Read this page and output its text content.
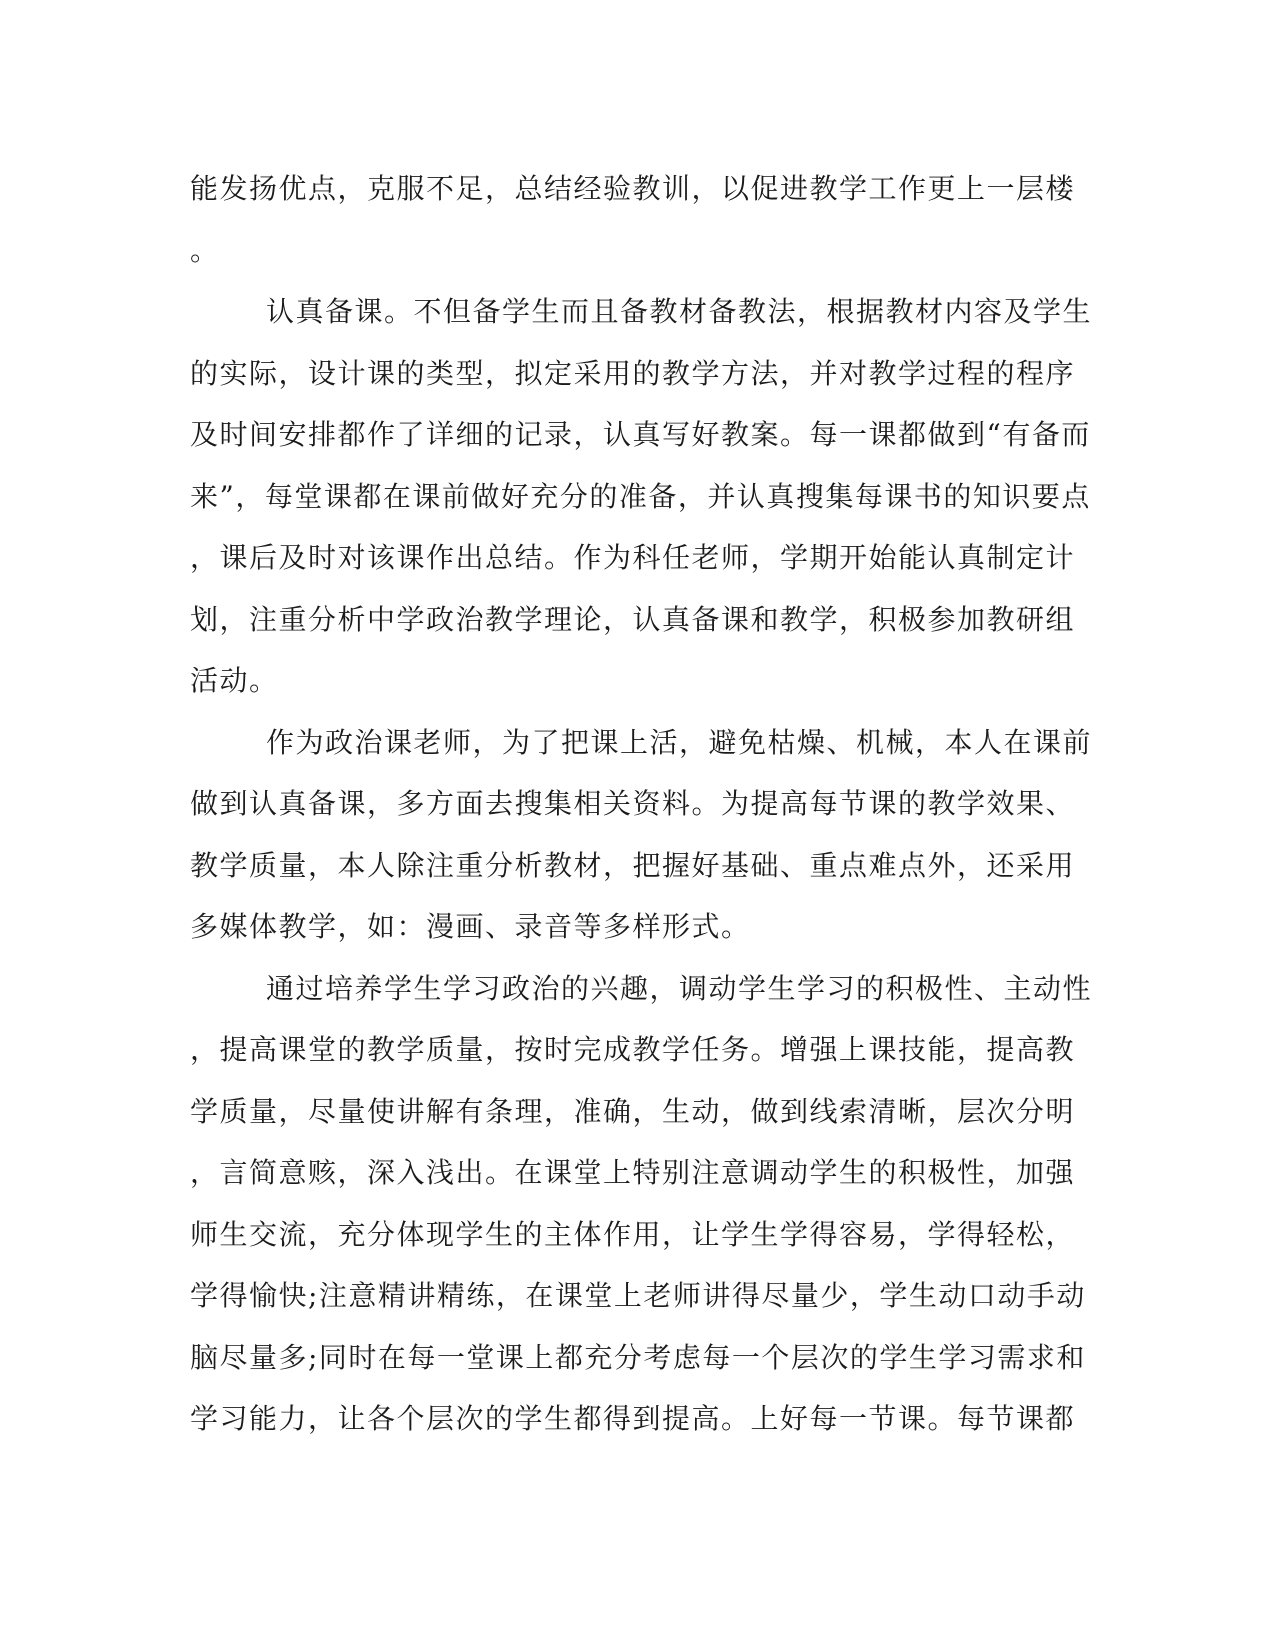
能发扬优点，克服不足，总结经验教训，以促进教学工作更上一层楼
。
认真备课。不但备学生而且备教材备教法，根据教材内容及学生
的实际，设计课的类型，拟定采用的教学方法，并对教学过程的程序
及时间安排都作了详细的记录，认真写好教案。每一课都做到“有备而
来”，每堂课都在课前做好充分的准备，并认真搜集每课书的知识要点
，课后及时对该课作出总结。作为科任老师，学期开始能认真制定计
划，注重分析中学政治教学理论，认真备课和教学，积极参加教研组
活动。
作为政治课老师，为了把课上活，避免枯燥、机械，本人在课前
做到认真备课，多方面去搜集相关资料。为提高每节课的教学效果、
教学质量，本人除注重分析教材，把握好基础、重点难点外，还采用
多媒体教学，如：漫画、录音等多样形式。
通过培养学生学习政治的兴趣，调动学生学习的积极性、主动性
，提高课堂的教学质量，按时完成教学任务。增强上课技能，提高教
学质量，尽量使讲解有条理，准确，生动，做到线索清晰，层次分明
，言简意赅，深入浅出。在课堂上特别注意调动学生的积极性，加强
师生交流，充分体现学生的主体作用，让学生学得容易，学得轻松，
学得愉快;注意精讲精练，在课堂上老师讲得尽量少，学生动口动手动
脑尽量多;同时在每一堂课上都充分考虑每一个层次的学生学习需求和
学习能力，让各个层次的学生都得到提高。上好每一节课。每节课都
